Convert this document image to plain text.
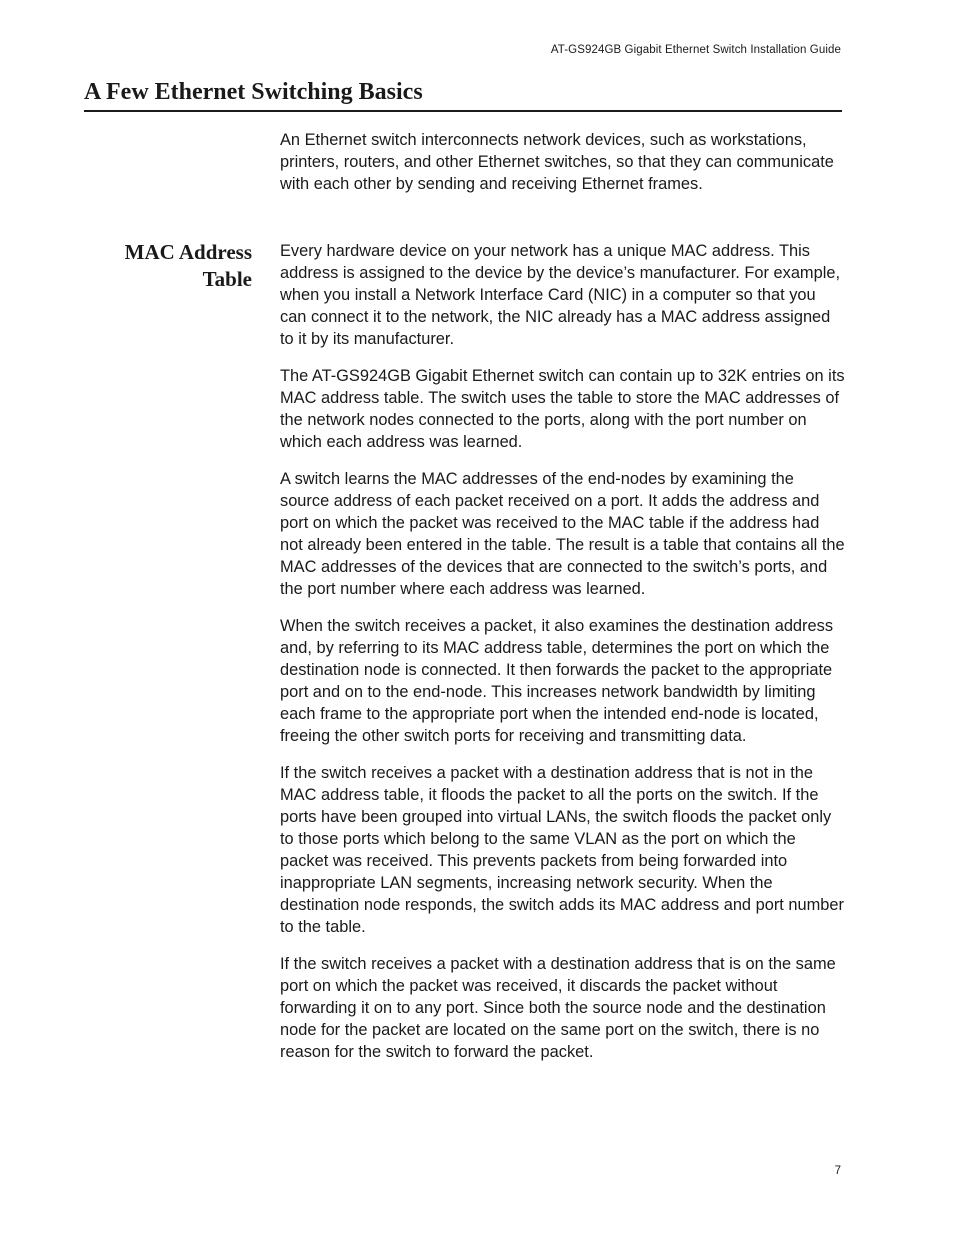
AT-GS924GB Gigabit Ethernet Switch Installation Guide
A Few Ethernet Switching Basics

An Ethernet switch interconnects network devices, such as workstations, printers, routers, and other Ethernet switches, so that they can communicate with each other by sending and receiving Ethernet frames.

MAC Address
Table

Every hardware device on your network has a unique MAC address. This address is assigned to the device by the device’s manufacturer. For example, when you install a Network Interface Card (NIC) in a computer so that you can connect it to the network, the NIC already has a MAC address assigned to it by its manufacturer.

The AT-GS924GB Gigabit Ethernet switch can contain up to 32K entries on its MAC address table. The switch uses the table to store the MAC addresses of the network nodes connected to the ports, along with the port number on which each address was learned.

A switch learns the MAC addresses of the end-nodes by examining the source address of each packet received on a port. It adds the address and port on which the packet was received to the MAC table if the address had not already been entered in the table. The result is a table that contains all the MAC addresses of the devices that are connected to the switch’s ports, and the port number where each address was learned.

When the switch receives a packet, it also examines the destination address and, by referring to its MAC address table, determines the port on which the destination node is connected. It then forwards the packet to the appropriate port and on to the end-node. This increases network bandwidth by limiting each frame to the appropriate port when the intended end-node is located, freeing the other switch ports for receiving and transmitting data.

If the switch receives a packet with a destination address that is not in the MAC address table, it floods the packet to all the ports on the switch. If the ports have been grouped into virtual LANs, the switch floods the packet only to those ports which belong to the same VLAN as the port on which the packet was received. This prevents packets from being forwarded into inappropriate LAN segments, increasing network security. When the destination node responds, the switch adds its MAC address and port number to the table.

If the switch receives a packet with a destination address that is on the same port on which the packet was received, it discards the packet without forwarding it on to any port. Since both the source node and the destination node for the packet are located on the same port on the switch, there is no reason for the switch to forward the packet.

7
